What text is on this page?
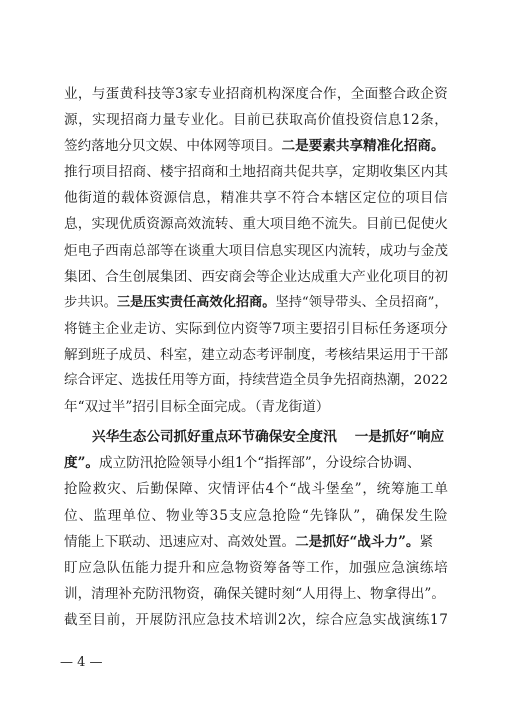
业 ， 与 蛋 黄 科 技 等 3 家 专 业 招 商 机 构 深 度 合 作 ， 全 面 整 合 政 企 资
源 ， 实 现 招 商 力 量 专 业 化 。 目 前 已 获 取 高 价 值 投 资 信 息 1 2 条 ，
签约落地分贝文娱、中体网等项目。二是要素共享精准化招商。
推 行 项 目 招 商 、 楼 宇 招 商 和 土 地 招 商 共 促 共 享 ， 定 期 收 集 区 内 其
他 街 道 的 载 体 资 源 信 息 ， 精 准 共 享 不 符 合 本 辖 区 定 位 的 项 目 信
息 ， 实 现 优 质 资 源 高 效 流 转 、 重 大 项 目 绝 不 流 失 。 目 前 已 促 使 火
炬 电 子 西 南 总 部 等 在 谈 重 大 项 目 信 息 实 现 区 内 流 转 ， 成 功 与 金 茂
集 团 、 合 生 创 展 集 团 、 西 安 商 会 等 企 业 达 成 重 大 产 业 化 项 目 的 初
步共识。三是压实责任高效化招商。坚持“领导带头、全员招商”，
将 链 主 企 业 走 访 、 实 际 到 位 内 资 等 7 项 主 要 招 引 目 标 任 务 逐 项 分
解 到 班 子 成 员 、 科 室 ， 建 立 动 态 考 评 制 度 ， 考 核 结 果 运 用 于 干 部
综 合 评 定 、 选 拔 任 用 等 方 面 ， 持 续 营 造 全 员 争 先 招 商 热 潮 ， 2 0 2 2
年“双过半”招引目标全面完成。（青龙街道）
兴华生态公司抓好重点环节确保安全度汛 一是抓好“响应
度”。成立防汛抢险领导小组1个“指挥部”，分设综合协调、
抢 险 救 灾 、 后 勤 保 障 、 灾 情 评 估 4 个 “ 战 斗 堡 垒 ” ， 统 筹 施 工 单
位 、 监 理 单 位 、 物 业 等 3 5 支 应 急 抢 险 “ 先 锋 队 ” ， 确 保 发 生 险
情能上下联动、迅速应对、高效处置。二是抓好“战斗力”。紧
盯 应 急 队 伍 能 力 提 升 和 应 急 物 资 筹 备 等 工 作 ， 加 强 应 急 演 练 培
训，清理补充防汛物资，确保关键时刻“人用得上、物拿得出”。
截 至 目 前 ， 开 展 防 汛 应 急 技 术 培 训 2 次 ， 综 合 应 急 实 战 演 练 1 7
— 4 —
